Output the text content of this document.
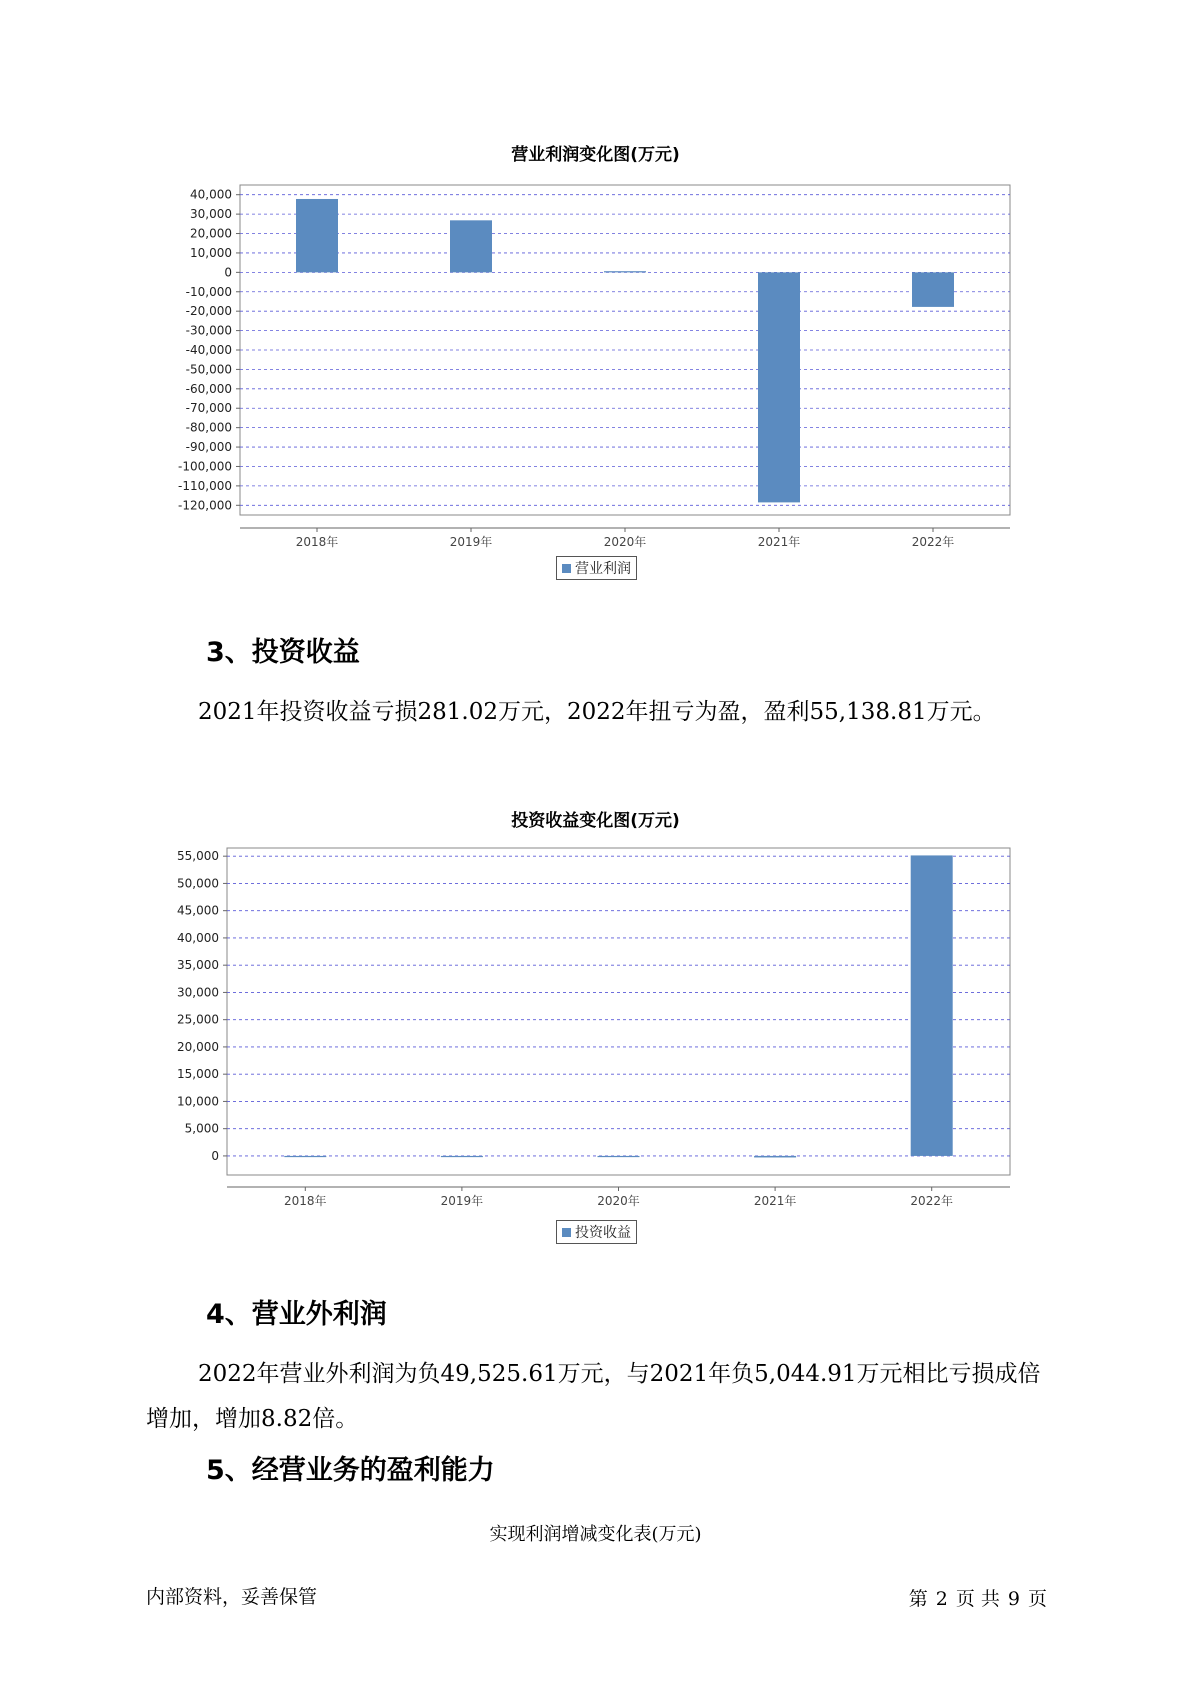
营业利润变化图(万元)
40,000
30,000
20,000
10,000
0
-10,000
-20,000
-30,000
-40,000
-50,000
-60,000
-70,000
-80,000
-90,000
-100,000
-110,000
-120,000
2018年	2019年	2020年	2021年	2022年
营业利润
3、投资收益
2021年投资收益亏损281.02万元，2022年扭亏为盈，盈利55,138.81万元。
投资收益变化图(万元)
55,000
50,000
45,000
40,000
35,000
30,000
25,000
20,000
15,000
10,000
5,000
0
2018年	2019年	2020年	2021年	2022年
投资收益
4、营业外利润
2022年营业外利润为负49,525.61万元，与2021年负5,044.91万元相比亏损成倍增加，增加8.82倍。
5、经营业务的盈利能力
实现利润增减变化表(万元)
内部资料，妥善保管	第 2 页 共 9 页
